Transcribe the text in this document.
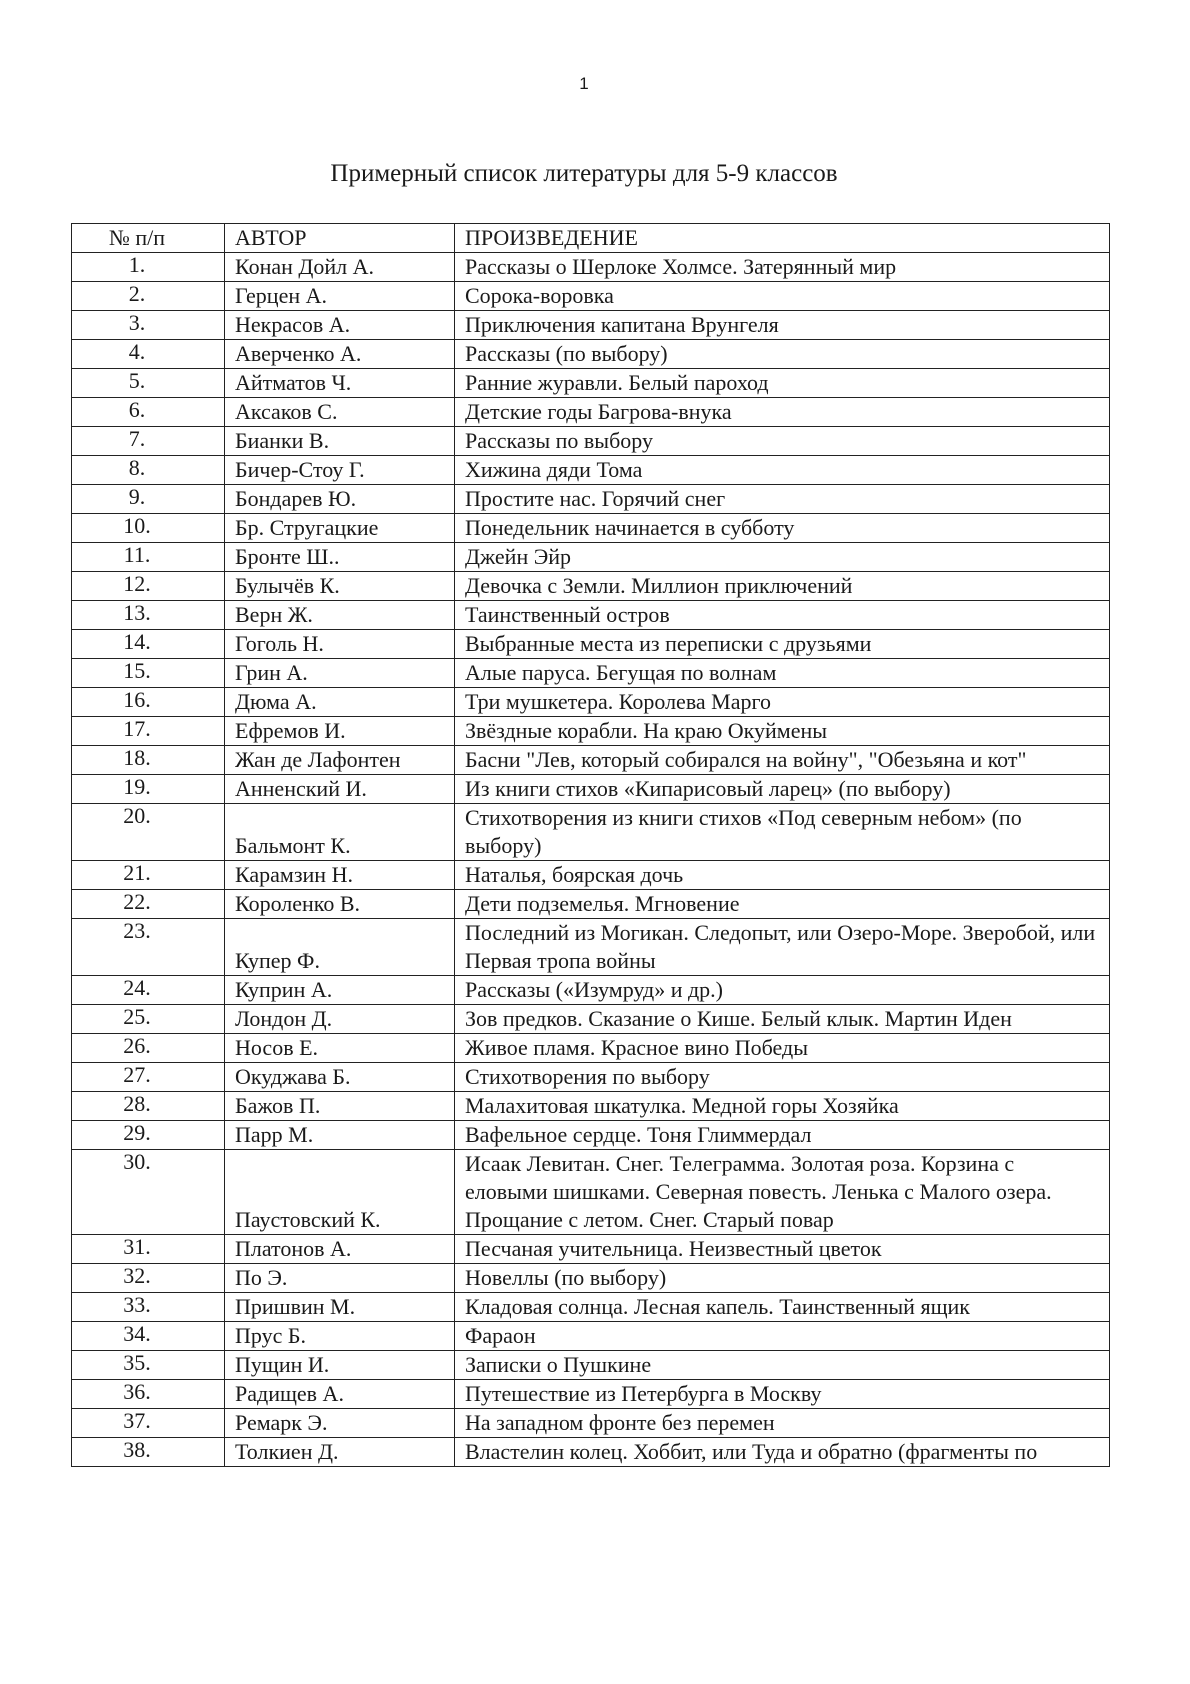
1
Примерный список литературы для 5-9 классов
№ п/п	АВТОР	ПРОИЗВЕДЕНИЕ
1.	Конан Дойл А.	Рассказы о Шерлоке Холмсе. Затерянный мир
2.	Герцен А.	Сорока-воровка
3.	Некрасов А.	Приключения капитана Врунгеля
4.	Аверченко А.	Рассказы (по выбору)
5.	Айтматов Ч.	Ранние журавли. Белый пароход
6.	Аксаков С.	Детские годы Багрова-внука
7.	Бианки В.	Рассказы по выбору
8.	Бичер-Стоу Г.	Хижина дяди Тома
9.	Бондарев Ю.	Простите нас. Горячий снег
10.	Бр. Стругацкие	Понедельник начинается в субботу
11.	Бронте Ш..	Джейн Эйр
12.	Булычёв К.	Девочка с Земли. Миллион приключений
13.	Верн Ж.	Таинственный остров
14.	Гоголь Н.	Выбранные места из переписки с друзьями
15.	Грин А.	Алые паруса. Бегущая по волнам
16.	Дюма А.	Три мушкетера. Королева Марго
17.	Ефремов И.	Звёздные корабли. На краю Окуймены
18.	Жан де Лафонтен	Басни "Лев, который собирался на войну", "Обезьяна и кот"
19.	Анненский И.	Из книги стихов «Кипарисовый ларец» (по выбору)
20.	Бальмонт К.	Стихотворения из книги стихов «Под северным небом» (по выбору)
21.	Карамзин Н.	Наталья, боярская дочь
22.	Короленко В.	Дети подземелья. Мгновение
23.	Купер Ф.	Последний из Могикан. Следопыт, или Озеро-Море. Зверобой, или Первая тропа войны
24.	Куприн А.	Рассказы («Изумруд» и др.)
25.	Лондон Д.	Зов предков. Сказание о Кише. Белый клык. Мартин Иден
26.	Носов Е.	Живое пламя. Красное вино Победы
27.	Окуджава Б.	Стихотворения по выбору
28.	Бажов П.	Малахитовая шкатулка. Медной горы Хозяйка
29.	Парр М.	Вафельное сердце. Тоня Глиммердал
30.	Паустовский К.	Исаак Левитан. Снег. Телеграмма. Золотая роза. Корзина с еловыми шишками. Северная повесть. Ленька с Малого озера. Прощание с летом. Снег. Старый повар
31.	Платонов А.	Песчаная учительница. Неизвестный цветок
32.	По Э.	Новеллы (по выбору)
33.	Пришвин М.	Кладовая солнца. Лесная капель. Таинственный ящик
34.	Прус Б.	Фараон
35.	Пущин И.	Записки о Пушкине
36.	Радищев А.	Путешествие из Петербурга в Москву
37.	Ремарк Э.	На западном фронте без перемен
38.	Толкиен Д.	Властелин колец. Хоббит, или Туда и обратно (фрагменты по
